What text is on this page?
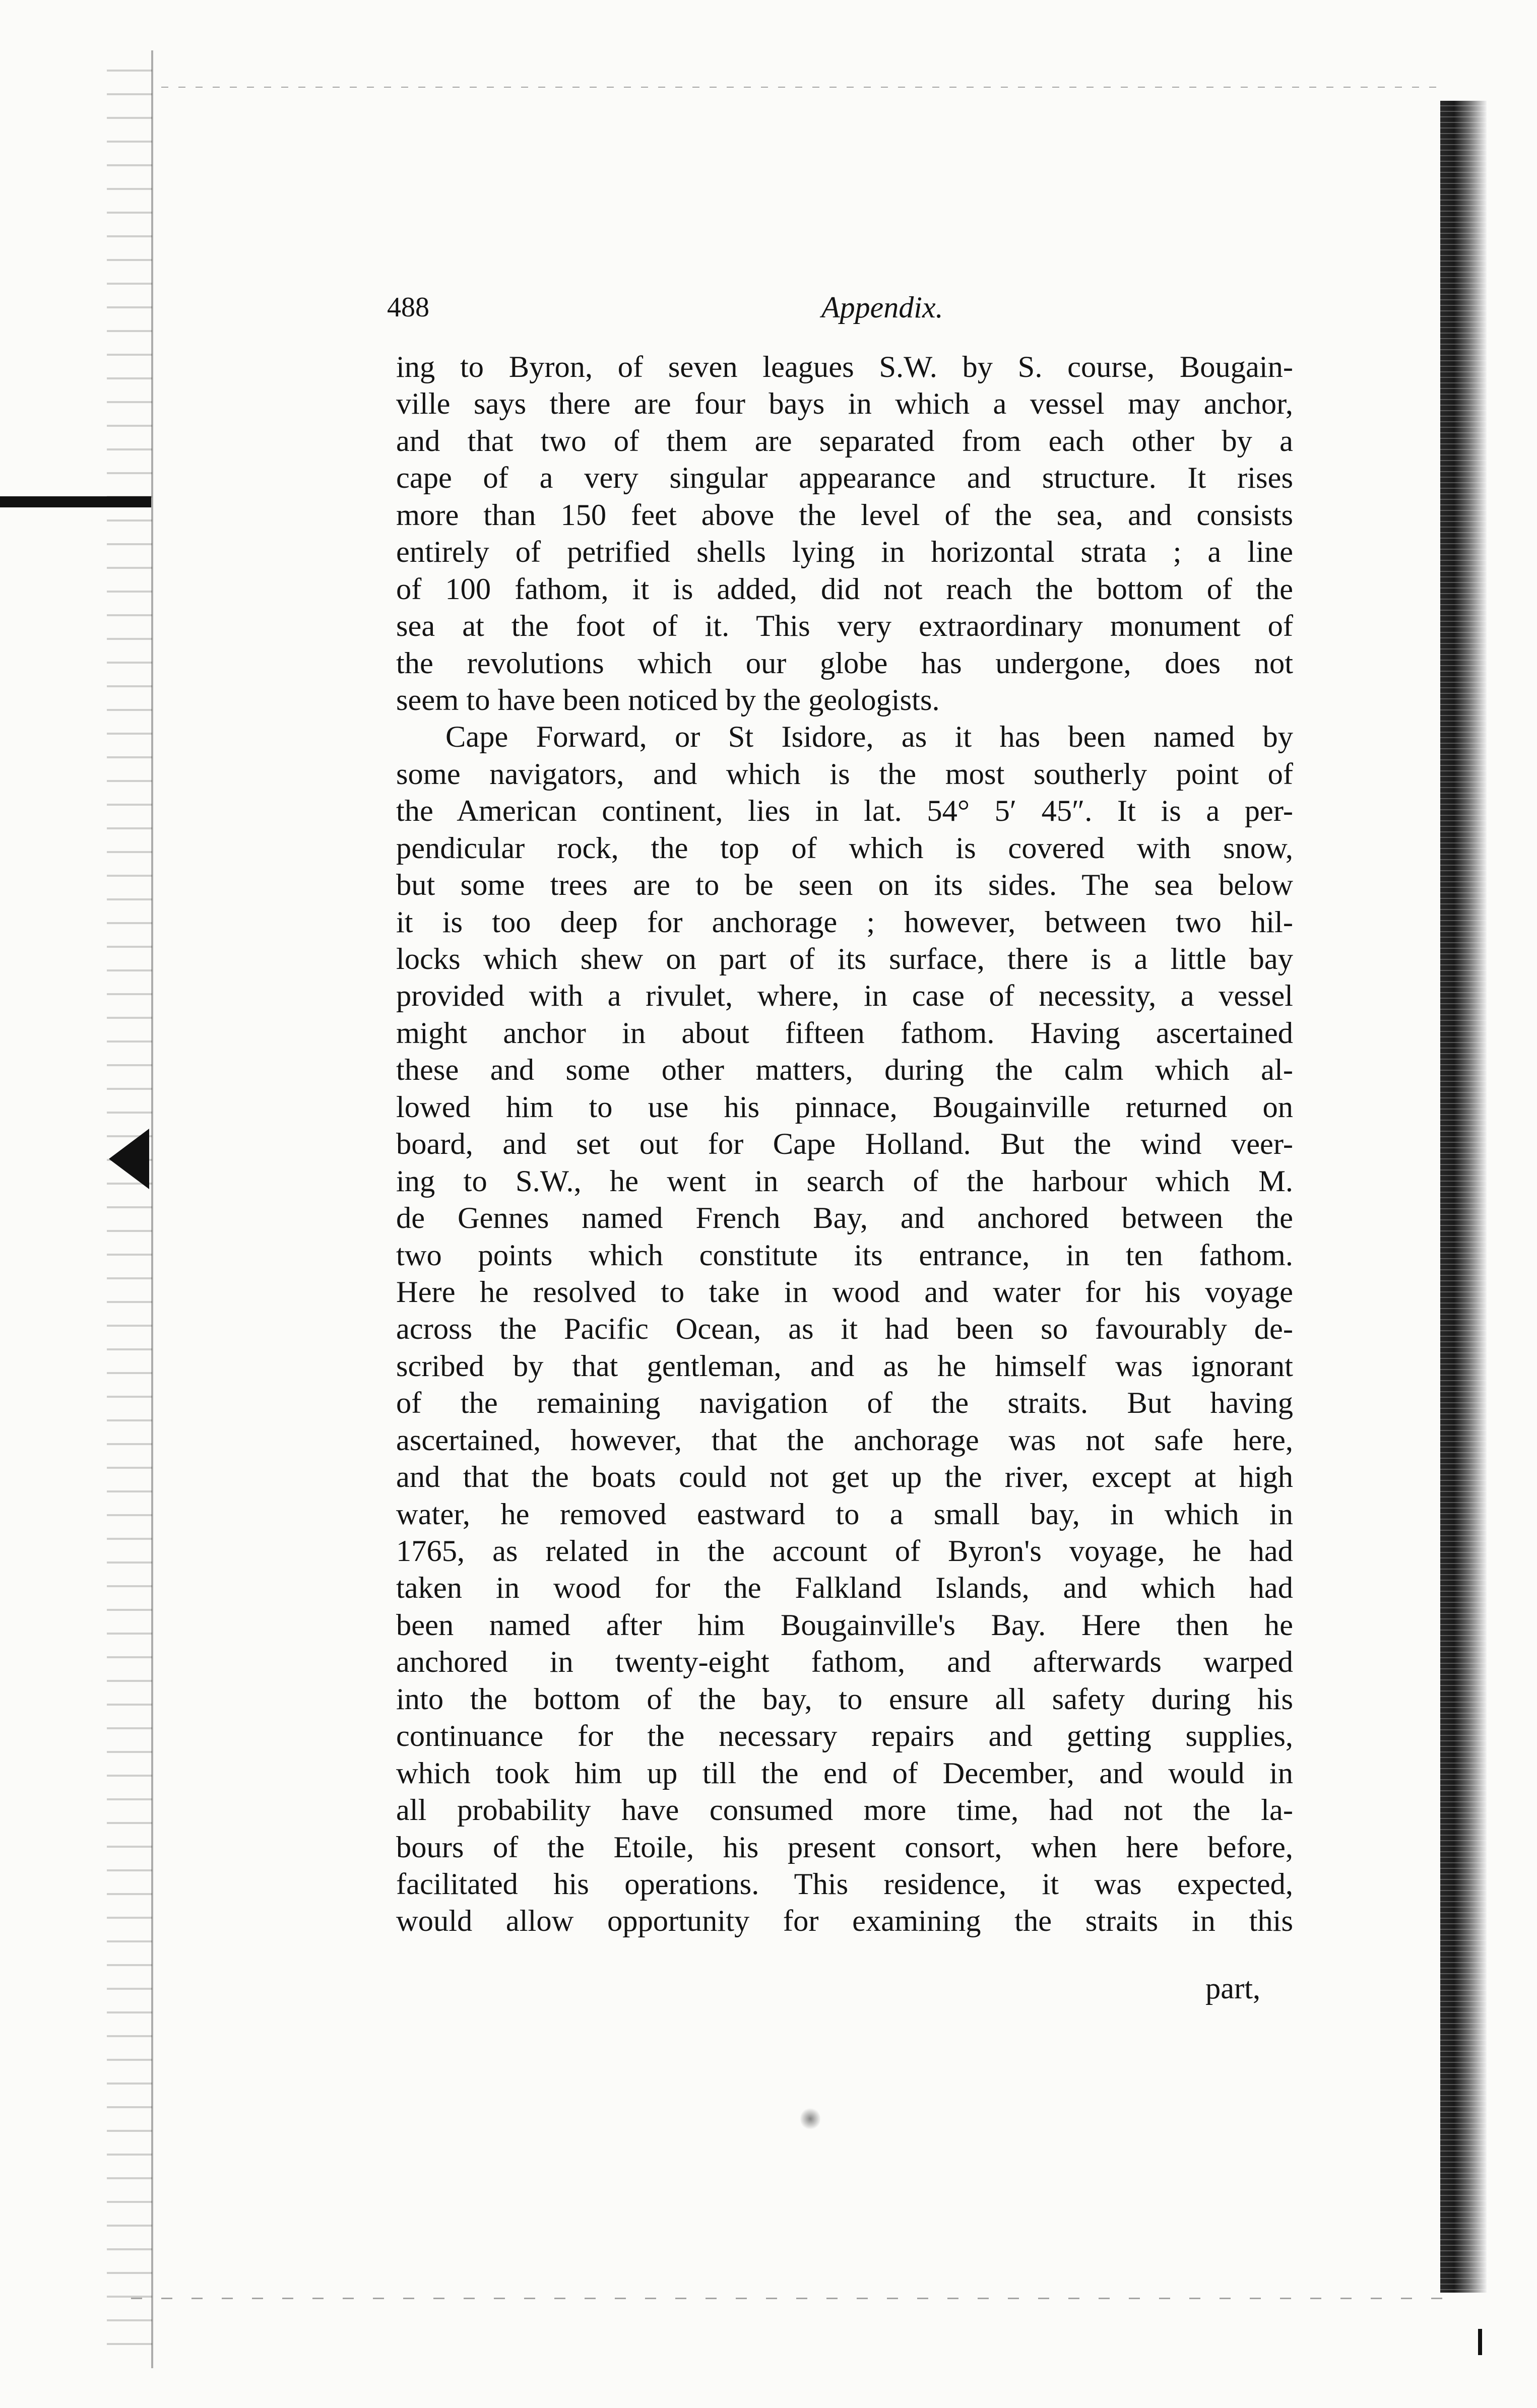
488	Appendix.
ing to Byron, of seven leagues S.W. by S. course, Bougain-
ville says there are four bays in which a vessel may anchor,
and that two of them are separated from each other by a
cape of a very singular appearance and structure. It rises
more than 150 feet above the level of the sea, and consists
entirely of petrified shells lying in horizontal strata ; a line
of 100 fathom, it is added, did not reach the bottom of the
sea at the foot of it. This very extraordinary monument of
the revolutions which our globe has undergone, does not
seem to have been noticed by the geologists.
Cape Forward, or St Isidore, as it has been named by
some navigators, and which is the most southerly point of
the American continent, lies in lat. 54° 5′ 45″. It is a per-
pendicular rock, the top of which is covered with snow,
but some trees are to be seen on its sides. The sea below
it is too deep for anchorage ; however, between two hil-
locks which shew on part of its surface, there is a little bay
provided with a rivulet, where, in case of necessity, a vessel
might anchor in about fifteen fathom. Having ascertained
these and some other matters, during the calm which al-
lowed him to use his pinnace, Bougainville returned on
board, and set out for Cape Holland. But the wind veer-
ing to S.W., he went in search of the harbour which M.
de Gennes named French Bay, and anchored between the
two points which constitute its entrance, in ten fathom.
Here he resolved to take in wood and water for his voyage
across the Pacific Ocean, as it had been so favourably de-
scribed by that gentleman, and as he himself was ignorant
of the remaining navigation of the straits. But having
ascertained, however, that the anchorage was not safe here,
and that the boats could not get up the river, except at high
water, he removed eastward to a small bay, in which in
1765, as related in the account of Byron's voyage, he had
taken in wood for the Falkland Islands, and which had
been named after him Bougainville's Bay. Here then he
anchored in twenty-eight fathom, and afterwards warped
into the bottom of the bay, to ensure all safety during his
continuance for the necessary repairs and getting supplies,
which took him up till the end of December, and would in
all probability have consumed more time, had not the la-
bours of the Etoile, his present consort, when here before,
facilitated his operations. This residence, it was expected,
would allow opportunity for examining the straits in this
part,
